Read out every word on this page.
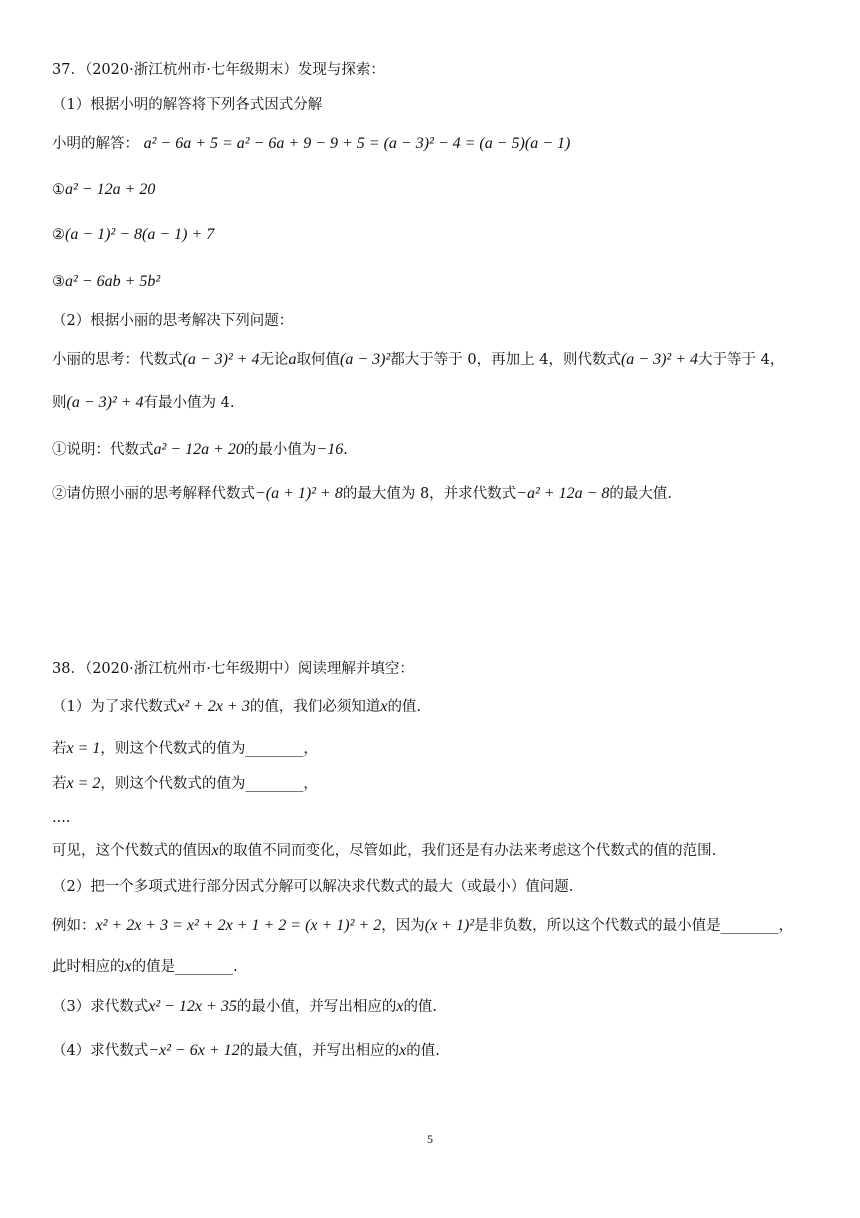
37．（2020·浙江杭州市·七年级期末）发现与探索：
（1）根据小明的解答将下列各式因式分解
小明的解答： a² − 6a + 5 = a² − 6a + 9 − 9 + 5 = (a − 3)² − 4 = (a − 5)(a − 1)
①a² − 12a + 20
②(a − 1)² − 8(a − 1) + 7
③a² − 6ab + 5b²
（2）根据小丽的思考解决下列问题：
小丽的思考：代数式(a − 3)² + 4无论a取何值(a − 3)²都大于等于 0，再加上 4，则代数式(a − 3)² + 4大于等于 4，
则(a − 3)² + 4有最小值为 4.
①说明：代数式a² − 12a + 20的最小值为−16.
②请仿照小丽的思考解释代数式−(a + 1)² + 8的最大值为 8，并求代数式−a² + 12a − 8的最大值.
38．（2020·浙江杭州市·七年级期中）阅读理解并填空：
（1）为了求代数式x² + 2x + 3的值，我们必须知道x的值.
若x = 1，则这个代数式的值为________，
若x = 2，则这个代数式的值为________，
....
可见，这个代数式的值因x的取值不同而变化，尽管如此，我们还是有办法来考虑这个代数式的值的范围.
（2）把一个多项式进行部分因式分解可以解决求代数式的最大（或最小）值问题.
例如：x² + 2x + 3 = x² + 2x + 1 + 2 = (x + 1)² + 2，因为(x + 1)²是非负数，所以这个代数式的最小值是________，
此时相应的x的值是________.
（3）求代数式x² − 12x + 35的最小值，并写出相应的x的值.
（4）求代数式−x² − 6x + 12的最大值，并写出相应的x的值.
5
